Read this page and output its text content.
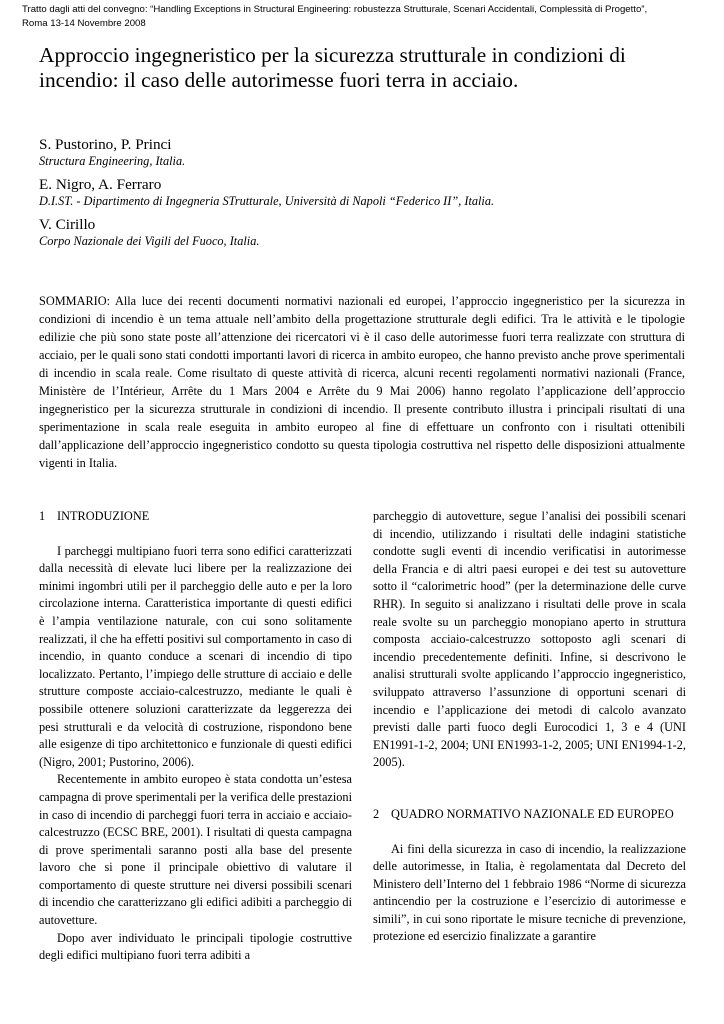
Tratto dagli atti del convegno: “Handling Exceptions in Structural Engineering: robustezza Strutturale, Scenari Accidentali, Complessità di Progetto”,
Roma 13-14 Novembre 2008
Approccio ingegneristico per la sicurezza strutturale in condizioni di incendio: il caso delle autorimesse fuori terra in acciaio.
S. Pustorino, P. Princi
Structura Engineering, Italia.
E. Nigro, A. Ferraro
D.I.ST. - Dipartimento di Ingegneria STrutturale, Università di Napoli “Federico II”, Italia.
V. Cirillo
Corpo Nazionale dei Vigili del Fuoco, Italia.

SOMMARIO: Alla luce dei recenti documenti normativi nazionali ed europei, l’approccio ingegneristico per la sicurezza in condizioni di incendio è un tema attuale nell’ambito della progettazione strutturale degli edifici. Tra le attività e le tipologie edilizie che più sono state poste all’attenzione dei ricercatori vi è il caso delle autorimesse fuori terra realizzate con struttura di acciaio, per le quali sono stati condotti importanti lavori di ricerca in ambito europeo, che hanno previsto anche prove sperimentali di incendio in scala reale. Come risultato di queste attività di ricerca, alcuni recenti regolamenti normativi nazionali (France, Ministère de l’Intérieur, Arrête du 1 Mars 2004 e Arrête du 9 Mai 2006) hanno regolato l’applicazione dell’approccio ingegneristico per la sicurezza strutturale in condizioni di incendio. Il presente contributo illustra i principali risultati di una sperimentazione in scala reale eseguita in ambito europeo al fine di effettuare un confronto con i risultati ottenibili dall’applicazione dell’approccio ingegneristico condotto su questa tipologia costruttiva nel rispetto delle disposizioni attualmente vigenti in Italia.

1 INTRODUZIONE

I parcheggi multipiano fuori terra sono edifici caratterizzati dalla necessità di elevate luci libere per la realizzazione dei minimi ingombri utili per il parcheggio delle auto e per la loro circolazione interna. Caratteristica importante di questi edifici è l’ampia ventilazione naturale, con cui sono solitamente realizzati, il che ha effetti positivi sul comportamento in caso di incendio, in quanto conduce a scenari di incendio di tipo localizzato. Pertanto, l’impiego delle strutture di acciaio e delle strutture composte acciaio-calcestruzzo, mediante le quali è possibile ottenere soluzioni caratterizzate da leggerezza dei pesi strutturali e da velocità di costruzione, rispondono bene alle esigenze di tipo architettonico e funzionale di questi edifici (Nigro, 2001; Pustorino, 2006).

Recentemente in ambito europeo è stata condotta un’estesa campagna di prove sperimentali per la verifica delle prestazioni in caso di incendio di parcheggi fuori terra in acciaio e acciaio-calcestruzzo (ECSC BRE, 2001). I risultati di questa campagna di prove sperimentali saranno posti alla base del presente lavoro che si pone il principale obiettivo di valutare il comportamento di queste strutture nei diversi possibili scenari di incendio che caratterizzano gli edifici adibiti a parcheggio di autovetture.

Dopo aver individuato le principali tipologie costruttive degli edifici multipiano fuori terra adibiti a

parcheggio di autovetture, segue l’analisi dei possibili scenari di incendio, utilizzando i risultati delle indagini statistiche condotte sugli eventi di incendio verificatisi in autorimesse della Francia e di altri paesi europei e dei test su autovetture sotto il “calorimetric hood” (per la determinazione delle curve RHR). In seguito si analizzano i risultati delle prove in scala reale svolte su un parcheggio monopiano aperto in struttura composta acciaio-calcestruzzo sottoposto agli scenari di incendio precedentemente definiti. Infine, si descrivono le analisi strutturali svolte applicando l’approccio ingegneristico, sviluppato attraverso l’assunzione di opportuni scenari di incendio e l’applicazione dei metodi di calcolo avanzato previsti dalle parti fuoco degli Eurocodici 1, 3 e 4 (UNI EN1991-1-2, 2004; UNI EN1993-1-2, 2005; UNI EN1994-1-2, 2005).

2 QUADRO NORMATIVO NAZIONALE ED EUROPEO

Ai fini della sicurezza in caso di incendio, la realizzazione delle autorimesse, in Italia, è regolamentata dal Decreto del Ministero dell’Interno del 1 febbraio 1986 “Norme di sicurezza antincendio per la costruzione e l’esercizio di autorimesse e simili”, in cui sono riportate le misure tecniche di prevenzione, protezione ed esercizio finalizzate a garantire
